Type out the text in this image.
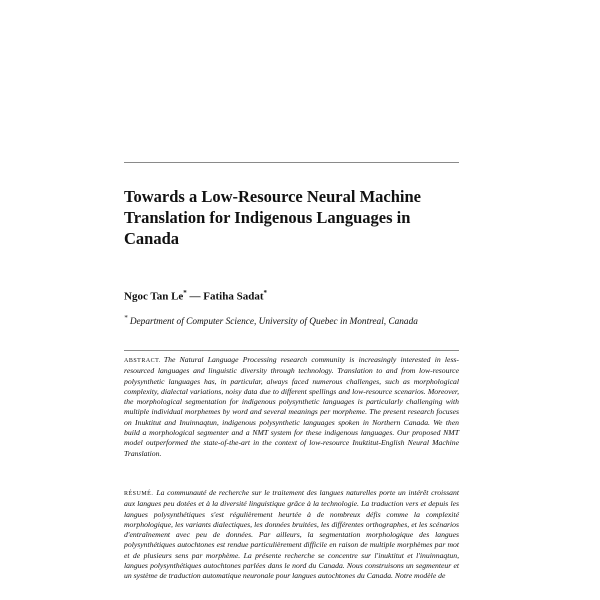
Towards a Low-Resource Neural Machine Translation for Indigenous Languages in Canada
Ngoc Tan Le* — Fatiha Sadat*
* Department of Computer Science, University of Quebec in Montreal, Canada
ABSTRACT. The Natural Language Processing research community is increasingly interested in less-resourced languages and linguistic diversity through technology. Translation to and from low-resource polysynthetic languages has, in particular, always faced numerous challenges, such as morphological complexity, dialectal variations, noisy data due to different spellings and low-resource scenarios. Moreover, the morphological segmentation for indigenous polysynthetic languages is particularly challenging with multiple individual morphemes by word and several meanings per morpheme. The present research focuses on Inuktitut and Inuinnaqtun, indigenous polysynthetic languages spoken in Northern Canada. We then build a morphological segmenter and a NMT system for these indigenous languages. Our proposed NMT model outperformed the state-of-the-art in the context of low-resource Inuktitut-English Neural Machine Translation.
RÉSUMÉ. La communauté de recherche sur le traitement des langues naturelles porte un intérêt croissant aux langues peu dotées et à la diversité linguistique grâce à la technologie. La traduction vers et depuis les langues polysynthétiques s'est régulièrement heurtée à de nombreux défis comme la complexité morphologique, les variants dialectiques, les données bruitées, les différentes orthographes, et les scénarios d'entraînement avec peu de données. Par ailleurs, la segmentation morphologique des langues polysynthétiques autochtones est rendue particulièrement difficile en raison de multiple morphèmes par mot et de plusieurs sens par morphème. La présente recherche se concentre sur l'inuktitut et l'inuinnaqtun, langues polysynthétiques autochtones parlées dans le nord du Canada. Nous construisons un segmenteur et un système de traduction automatique neuronale pour langues autochtones du Canada. Notre modèle de
